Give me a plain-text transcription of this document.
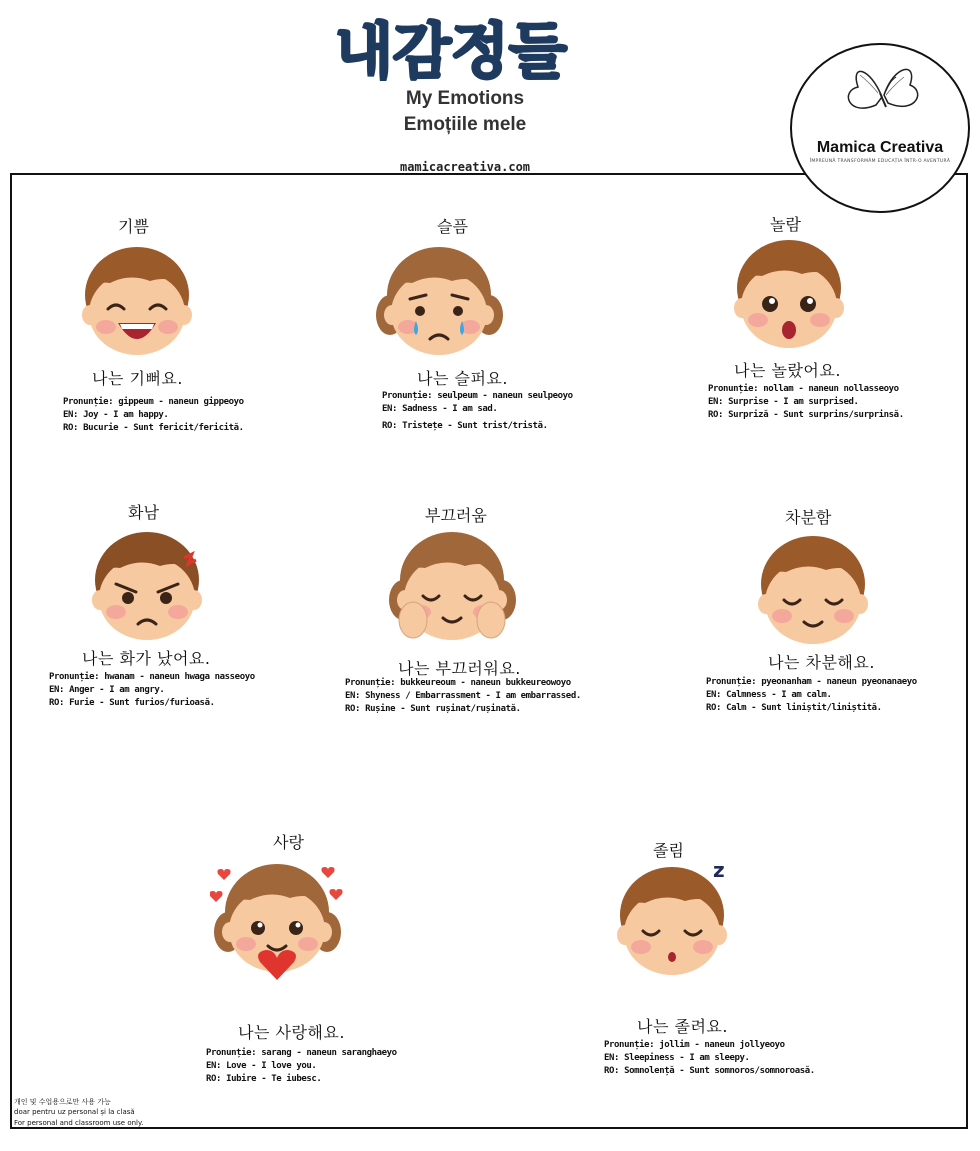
내감정들
My Emotions
Emoțiile mele
mamicacreativa.com
Mamica Creativa
ÎMPREUNĂ TRANSFORMĂM EDUCAȚIA ÎNTR-O AVENTURĂ
기쁨
나는 기뻐요.
Pronunție: gippeum - naneun gippeoyo
EN: Joy - I am happy.
RO: Bucurie - Sunt fericit/fericită.
슬픔
나는 슬퍼요.
Pronunție: seulpeum - naneun seulpeoyo
EN: Sadness - I am sad.
RO: Tristețe - Sunt trist/tristă.
놀람
나는 놀랐어요.
Pronunție: nollam - naneun nollasseoyo
EN: Surprise - I am surprised.
RO: Surpriză - Sunt surprins/surprinsă.
화남
나는 화가 났어요.
Pronunție: hwanam - naneun hwaga nasseoyo
EN: Anger - I am angry.
RO: Furie - Sunt furios/furioasă.
부끄러움
나는 부끄러워요.
Pronunție: bukkeureoum - naneun bukkeureowoyo
EN: Shyness / Embarrassment - I am embarrassed.
RO: Rușine - Sunt rușinat/rușinată.
차분함
나는 차분해요.
Pronunție: pyeonanham - naneun pyeonanaeyo
EN: Calmness - I am calm.
RO: Calm - Sunt liniștit/liniștită.
사랑
나는 사랑해요.
Pronunție: sarang - naneun saranghaeyo
EN: Love - I love you.
RO: Iubire - Te iubesc.
졸림
z
나는 졸려요.
Pronunție: jollim - naneun jollyeoyo
EN: Sleepiness - I am sleepy.
RO: Somnolență - Sunt somnoros/somnoroasă.
개인 및 수업용으로만 사용 가능
doar pentru uz personal și la clasă
For personal and classroom use only.
